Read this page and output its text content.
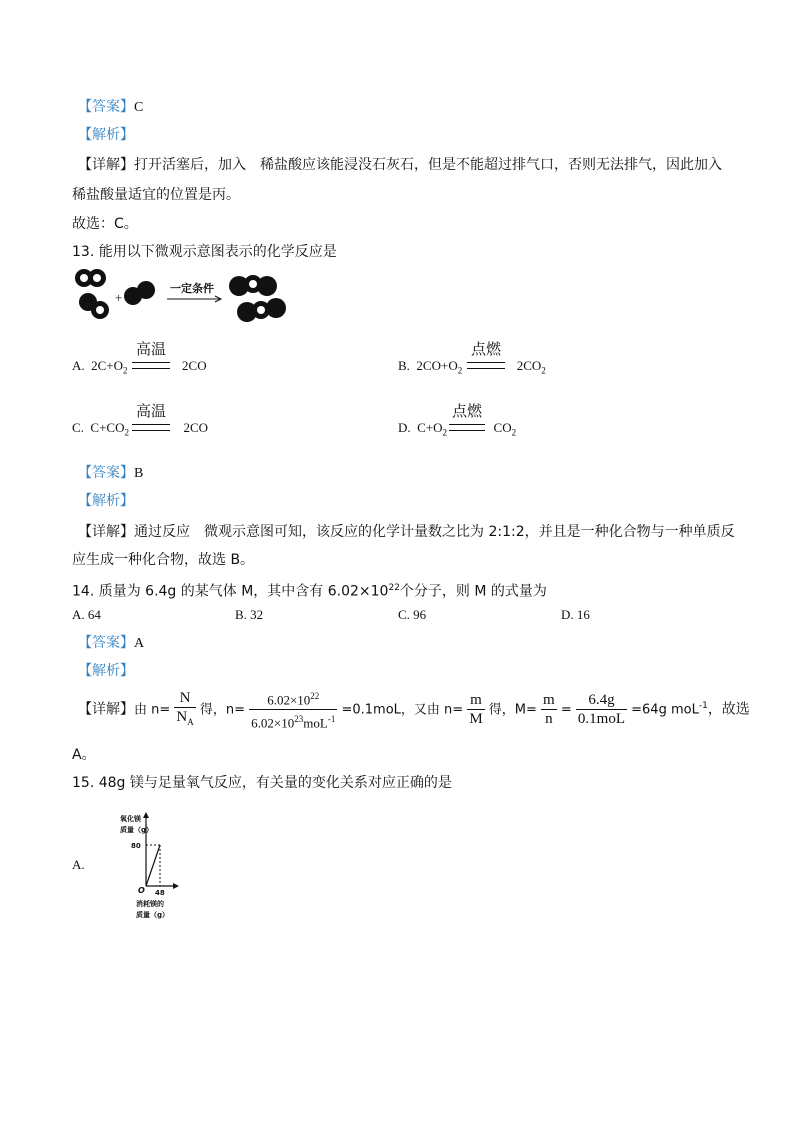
【答案】C
【解析】
【详解】打开活塞后，加入　稀盐酸应该能浸没石灰石，但是不能超过排气口，否则无法排气，因此加入
稀盐酸量适宜的位置是丙。
故选：C。
13. 能用以下微观示意图表示的化学反应是
+
一定条件
A. $2C+O_2$	2CO
高温
B. $2CO+O_2$	$2CO_2$
点燃
C. $C+CO_2$	2CO
高温
D. $C+O_2$	$CO_2$
点燃
【答案】B
【解析】
【详解】通过反应　微观示意图可知，该反应的化学计量数之比为 2:1:2，并且是一种化合物与一种单质反
应生成一种化合物，故选 B。
14. 质量为 6.4g 的某气体 M，其中含有 $6.02\times 10^{22}$个分子，则 M 的式量为
A. 64	B. 32	C. 96	D. 16
【答案】A
【解析】
【详解】由 $n= \frac{N}{N_A}$ 得，$n= \frac{6.02\times 10^{22}}{6.02\times 10^{23}moL^{-1}} =0.1moL$，又由 $n= \frac{m}{M}$ 得，$M= \frac{m}{n} = \frac{6.4g}{\text{0.1moL}} =64g$ moL$^{-1}$，故选
A。
15. 48g 镁与足量氧气反应，有关量的变化关系对应正确的是
A.
氧化镁
质量（g）
80
O 48
消耗镁的
质量（g）
